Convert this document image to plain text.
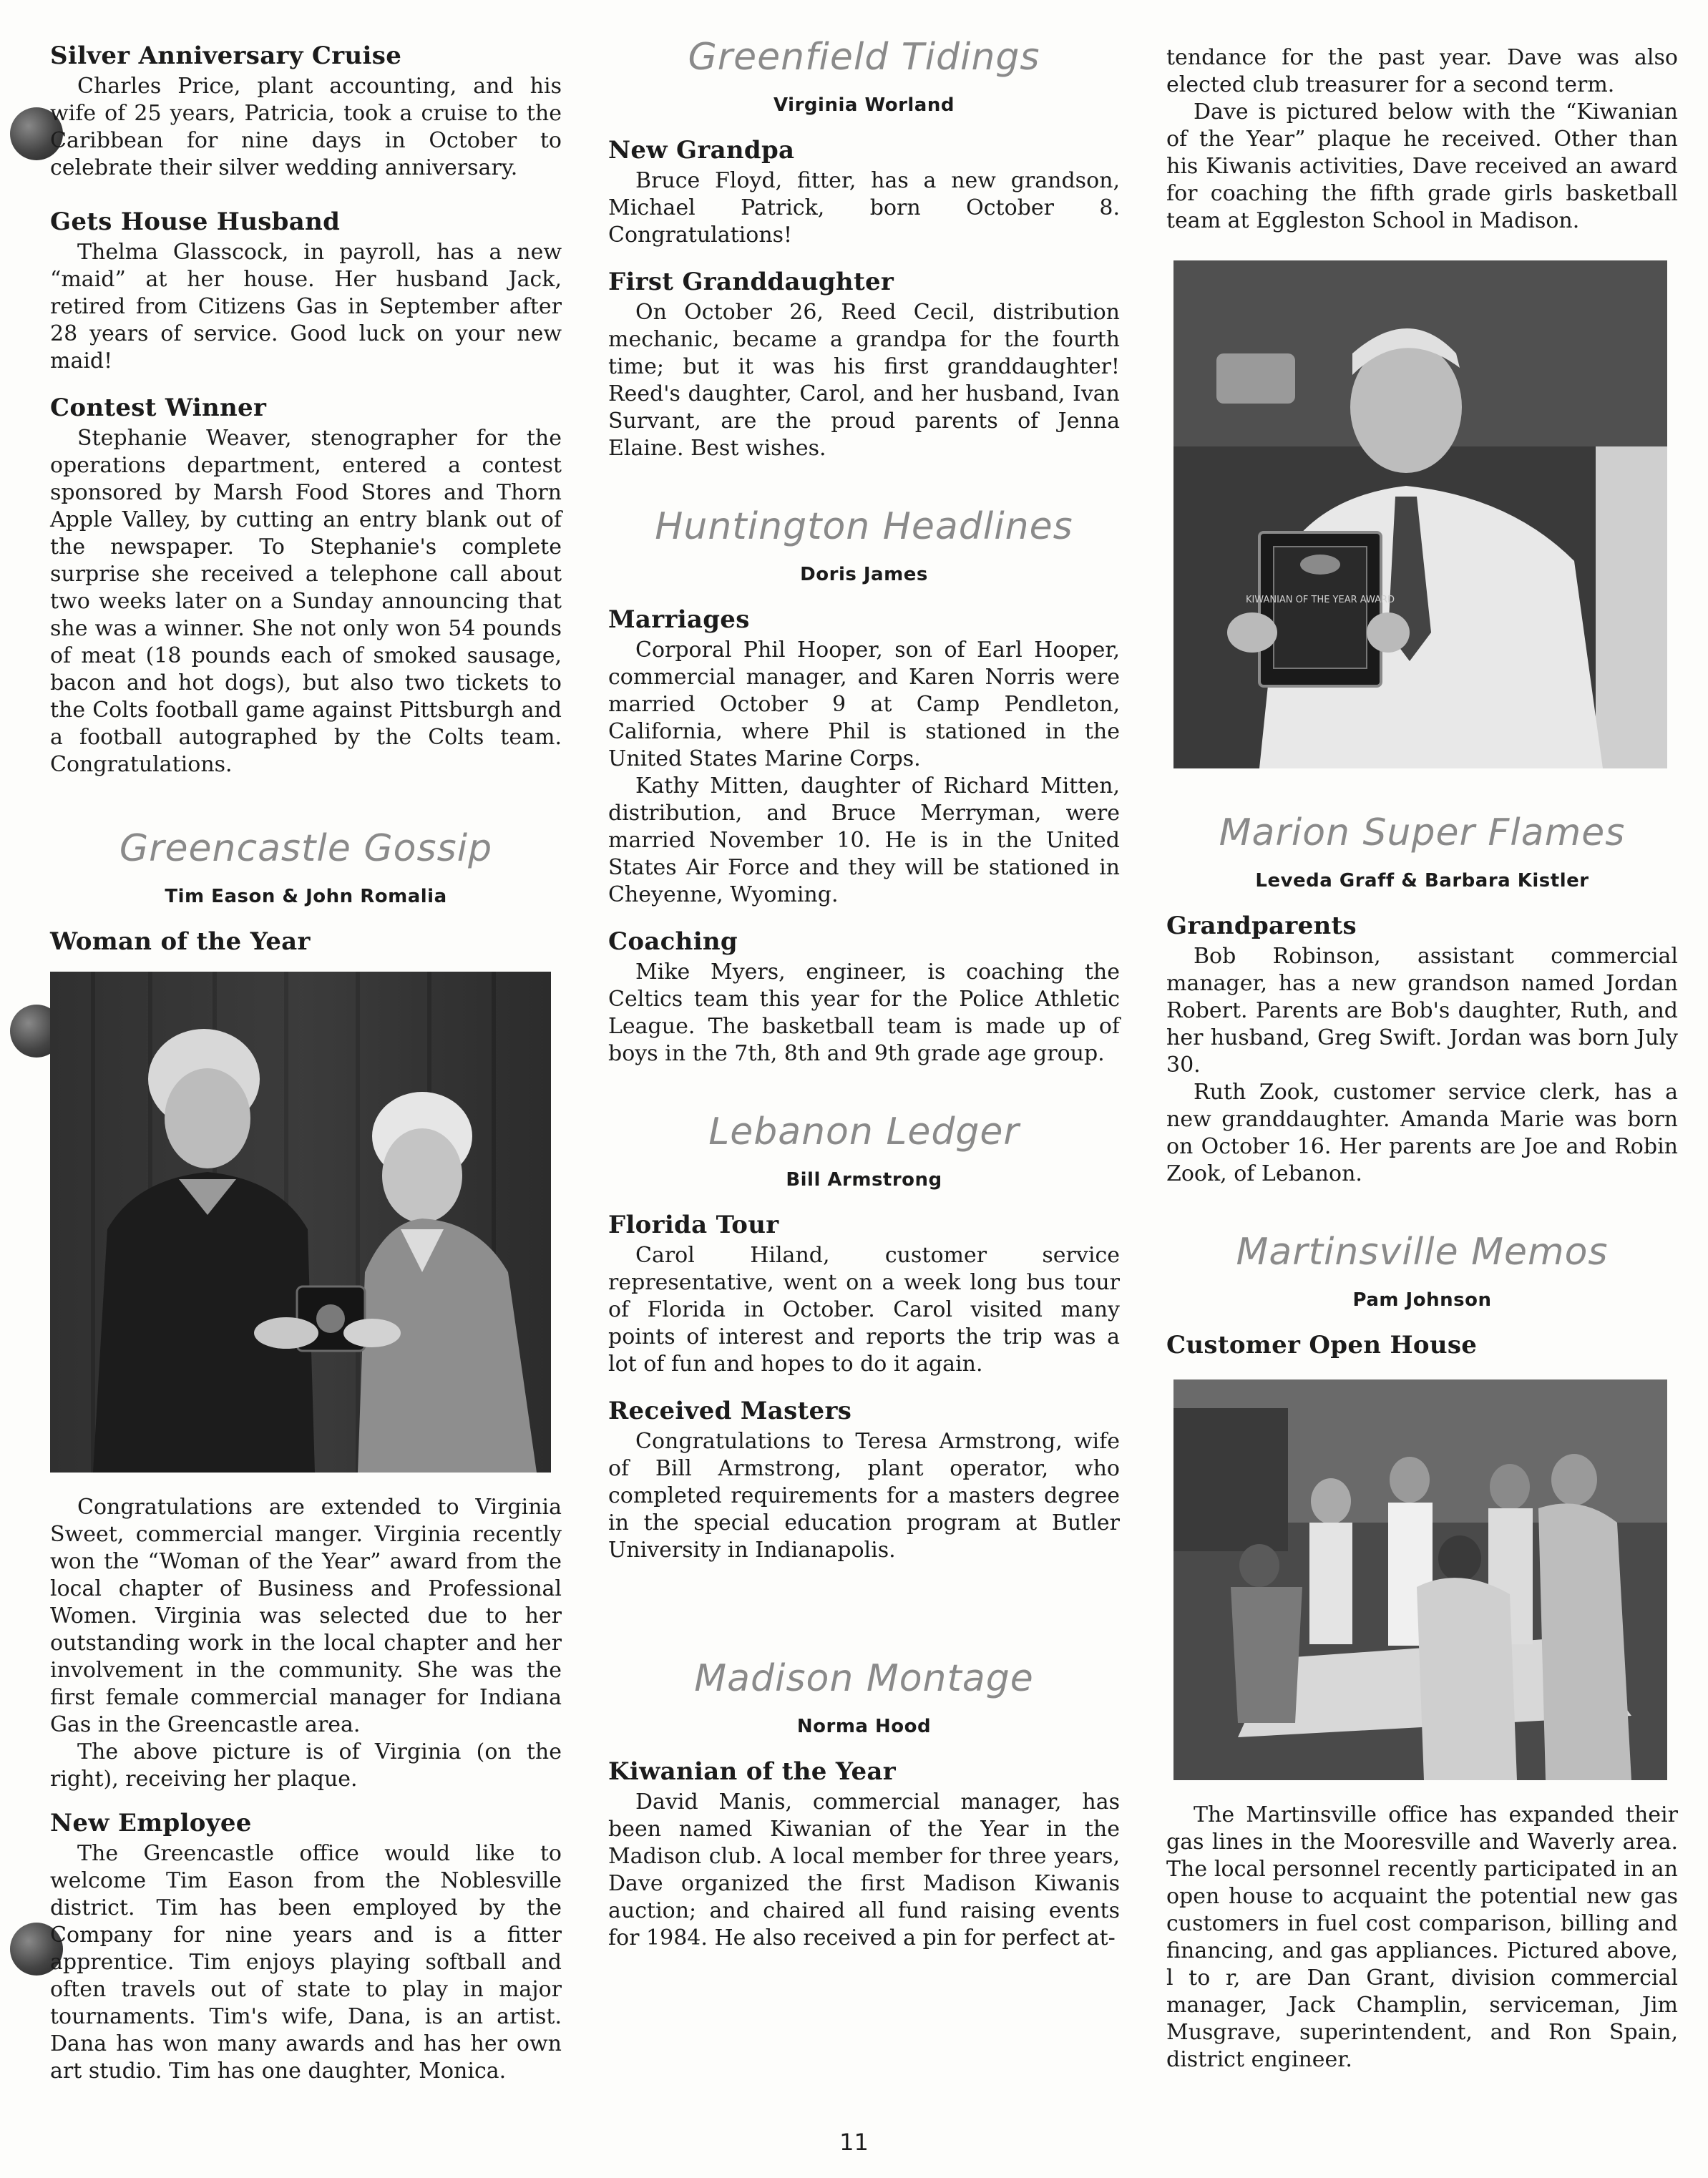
Silver Anniversary Cruise

Charles Price, plant accounting, and his wife of 25 years, Patricia, took a cruise to the Caribbean for nine days in October to celebrate their silver wedding anniversary.

Gets House Husband

Thelma Glasscock, in payroll, has a new “maid” at her house. Her husband Jack, retired from Citizens Gas in September after 28 years of service. Good luck on your new maid!

Contest Winner

Stephanie Weaver, stenographer for the operations department, entered a contest sponsored by Marsh Food Stores and Thorn Apple Valley, by cutting an entry blank out of the newspaper. To Stephanie's complete surprise she received a telephone call about two weeks later on a Sunday announcing that she was a winner. She not only won 54 pounds of meat (18 pounds each of smoked sausage, bacon and hot dogs), but also two tickets to the Colts football game against Pittsburgh and a football autographed by the Colts team. Congratulations.

Greencastle Gossip
Tim Eason & John Romalia
Woman of the Year

Congratulations are extended to Virginia Sweet, commercial manger. Virginia recently won the “Woman of the Year” award from the local chapter of Business and Professional Women. Virginia was selected due to her outstanding work in the local chapter and her involvement in the community. She was the first female commercial manager for Indiana Gas in the Greencastle area.

The above picture is of Virginia (on the right), receiving her plaque.

New Employee

The Greencastle office would like to welcome Tim Eason from the Noblesville district. Tim has been employed by the Company for nine years and is a fitter apprentice. Tim enjoys playing softball and often travels out of state to play in major tournaments. Tim's wife, Dana, is an artist. Dana has won many awards and has her own art studio. Tim has one daughter, Monica.

Greenfield Tidings
Virginia Worland
New Grandpa

Bruce Floyd, fitter, has a new grandson, Michael Patrick, born October 8. Congratulations!

First Granddaughter

On October 26, Reed Cecil, distribution mechanic, became a grandpa for the fourth time; but it was his first granddaughter! Reed's daughter, Carol, and her husband, Ivan Survant, are the proud parents of Jenna Elaine. Best wishes.

Huntington Headlines
Doris James
Marriages

Corporal Phil Hooper, son of Earl Hooper, commercial manager, and Karen Norris were married October 9 at Camp Pendleton, California, where Phil is stationed in the United States Marine Corps.

Kathy Mitten, daughter of Richard Mitten, distribution, and Bruce Merryman, were married November 10. He is in the United States Air Force and they will be stationed in Cheyenne, Wyoming.

Coaching

Mike Myers, engineer, is coaching the Celtics team this year for the Police Athletic League. The basketball team is made up of boys in the 7th, 8th and 9th grade age group.

Lebanon Ledger
Bill Armstrong
Florida Tour

Carol Hiland, customer service representative, went on a week long bus tour of Florida in October. Carol visited many points of interest and reports the trip was a lot of fun and hopes to do it again.

Received Masters

Congratulations to Teresa Armstrong, wife of Bill Armstrong, plant operator, who completed requirements for a masters degree in the special education program at Butler University in Indianapolis.

Madison Montage
Norma Hood
Kiwanian of the Year

David Manis, commercial manager, has been named Kiwanian of the Year in the Madison club. A local member for three years, Dave organized the first Madison Kiwanis auction; and chaired all fund raising events for 1984. He also received a pin for perfect at-

tendance for the past year. Dave was also elected club treasurer for a second term.

Dave is pictured below with the “Kiwanian of the Year” plaque he received. Other than his Kiwanis activities, Dave received an award for coaching the fifth grade girls basketball team at Eggleston School in Madison.

KIWANIAN OF THE YEAR AWARD
Marion Super Flames
Leveda Graff & Barbara Kistler
Grandparents

Bob Robinson, assistant commercial manager, has a new grandson named Jordan Robert. Parents are Bob's daughter, Ruth, and her husband, Greg Swift. Jordan was born July 30.

Ruth Zook, customer service clerk, has a new granddaughter. Amanda Marie was born on October 16. Her parents are Joe and Robin Zook, of Lebanon.

Martinsville Memos
Pam Johnson
Customer Open House

The Martinsville office has expanded their gas lines in the Mooresville and Waverly area. The local personnel recently participated in an open house to acquaint the potential new gas customers in fuel cost comparison, billing and financing, and gas appliances. Pictured above, l to r, are Dan Grant, division commercial manager, Jack Champlin, serviceman, Jim Musgrave, superintendent, and Ron Spain, district engineer.

11
